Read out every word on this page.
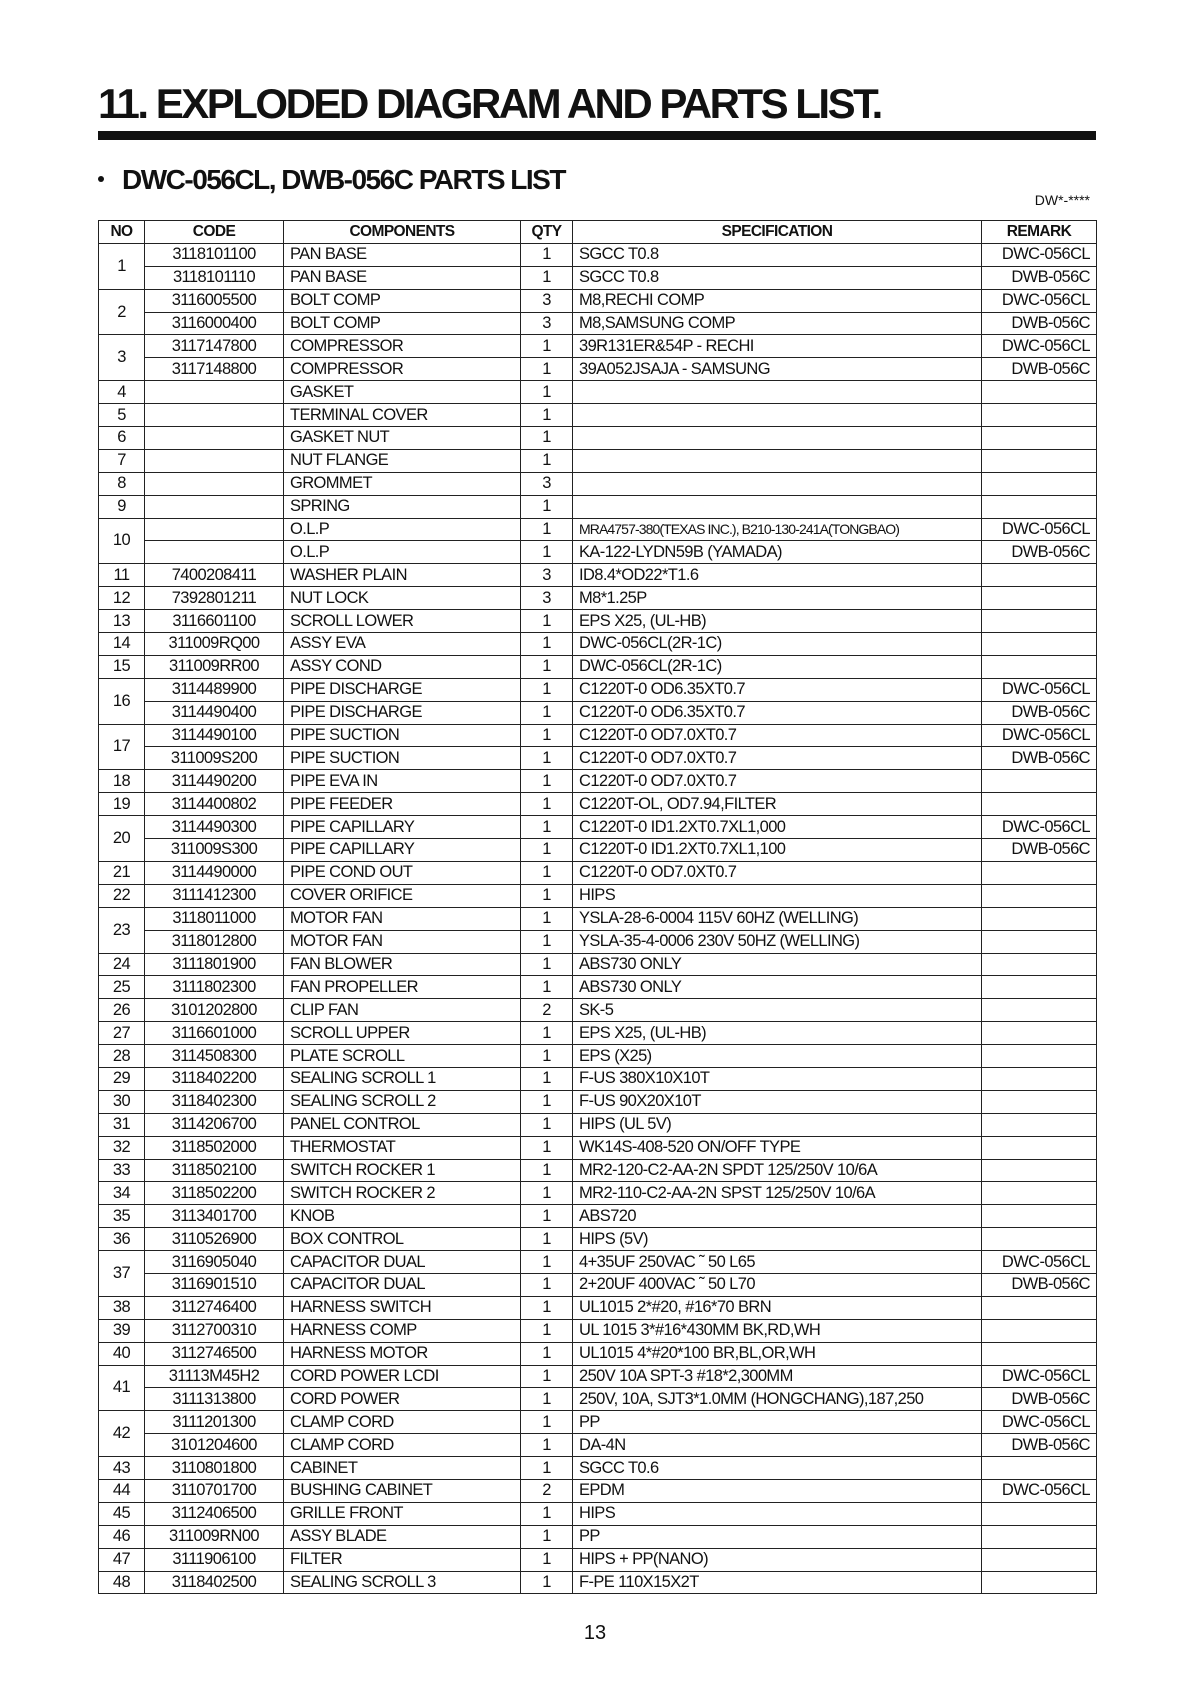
11. EXPLODED DIAGRAM AND PARTS LIST.
DWC-056CL, DWB-056C PARTS LIST
DW*-****
NO	CODE	COMPONENTS	QTY	SPECIFICATION	REMARK
1	3118101100	PAN BASE	1	SGCC T0.8	DWC-056CL
	3118101110	PAN BASE	1	SGCC T0.8	DWB-056C
2	3116005500	BOLT COMP	3	M8,RECHI COMP	DWC-056CL
	3116000400	BOLT COMP	3	M8,SAMSUNG COMP	DWB-056C
3	3117147800	COMPRESSOR	1	39R131ER&54P - RECHI	DWC-056CL
	3117148800	COMPRESSOR	1	39A052JSAJA - SAMSUNG	DWB-056C
4		GASKET	1		
5		TERMINAL COVER	1		
6		GASKET NUT	1		
7		NUT FLANGE	1		
8		GROMMET	3		
9		SPRING	1		
10		O.L.P	1	MRA4757-380(TEXAS INC.), B210-130-241A(TONGBAO)	DWC-056CL
		O.L.P	1	KA-122-LYDN59B (YAMADA)	DWB-056C
11	7400208411	WASHER PLAIN	3	ID8.4*OD22*T1.6	
12	7392801211	NUT LOCK	3	M8*1.25P	
13	3116601100	SCROLL LOWER	1	EPS X25, (UL-HB)	
14	311009RQ00	ASSY EVA	1	DWC-056CL(2R-1C)	
15	311009RR00	ASSY COND	1	DWC-056CL(2R-1C)	
16	3114489900	PIPE DISCHARGE	1	C1220T-0 OD6.35XT0.7	DWC-056CL
	3114490400	PIPE DISCHARGE	1	C1220T-0 OD6.35XT0.7	DWB-056C
17	3114490100	PIPE SUCTION	1	C1220T-0 OD7.0XT0.7	DWC-056CL
	311009S200	PIPE SUCTION	1	C1220T-0 OD7.0XT0.7	DWB-056C
18	3114490200	PIPE EVA IN	1	C1220T-0 OD7.0XT0.7	
19	3114400802	PIPE FEEDER	1	C1220T-OL, OD7.94,FILTER	
20	3114490300	PIPE CAPILLARY	1	C1220T-0 ID1.2XT0.7XL1,000	DWC-056CL
	311009S300	PIPE CAPILLARY	1	C1220T-0 ID1.2XT0.7XL1,100	DWB-056C
21	3114490000	PIPE COND OUT	1	C1220T-0 OD7.0XT0.7	
22	3111412300	COVER ORIFICE	1	HIPS	
23	3118011000	MOTOR FAN	1	YSLA-28-6-0004 115V 60HZ (WELLING)	
	3118012800	MOTOR FAN	1	YSLA-35-4-0006 230V 50HZ (WELLING)	
24	3111801900	FAN BLOWER	1	ABS730 ONLY	
25	3111802300	FAN PROPELLER	1	ABS730 ONLY	
26	3101202800	CLIP FAN	2	SK-5	
27	3116601000	SCROLL UPPER	1	EPS X25, (UL-HB)	
28	3114508300	PLATE SCROLL	1	EPS (X25)	
29	3118402200	SEALING SCROLL 1	1	F-US 380X10X10T	
30	3118402300	SEALING SCROLL 2	1	F-US 90X20X10T	
31	3114206700	PANEL CONTROL	1	HIPS (UL 5V)	
32	3118502000	THERMOSTAT	1	WK14S-408-520 ON/OFF TYPE	
33	3118502100	SWITCH ROCKER 1	1	MR2-120-C2-AA-2N SPDT 125/250V 10/6A	
34	3118502200	SWITCH ROCKER 2	1	MR2-110-C2-AA-2N SPST 125/250V 10/6A	
35	3113401700	KNOB	1	ABS720	
36	3110526900	BOX CONTROL	1	HIPS (5V)	
37	3116905040	CAPACITOR DUAL	1	4+35UF 250VAC ˜ 50 L65	DWC-056CL
	3116901510	CAPACITOR DUAL	1	2+20UF 400VAC ˜ 50 L70	DWB-056C
38	3112746400	HARNESS SWITCH	1	UL1015 2*#20, #16*70 BRN	
39	3112700310	HARNESS COMP	1	UL 1015 3*#16*430MM BK,RD,WH	
40	3112746500	HARNESS MOTOR	1	UL1015 4*#20*100 BR,BL,OR,WH	
41	31113M45H2	CORD POWER LCDI	1	250V 10A SPT-3 #18*2,300MM	DWC-056CL
	3111313800	CORD POWER	1	250V, 10A, SJT3*1.0MM (HONGCHANG),187,250	DWB-056C
42	3111201300	CLAMP CORD	1	PP	DWC-056CL
	3101204600	CLAMP CORD	1	DA-4N	DWB-056C
43	3110801800	CABINET	1	SGCC T0.6	
44	3110701700	BUSHING CABINET	2	EPDM	DWC-056CL
45	3112406500	GRILLE FRONT	1	HIPS	
46	311009RN00	ASSY BLADE	1	PP	
47	3111906100	FILTER	1	HIPS + PP(NANO)	
48	3118402500	SEALING SCROLL 3	1	F-PE 110X15X2T	
13
